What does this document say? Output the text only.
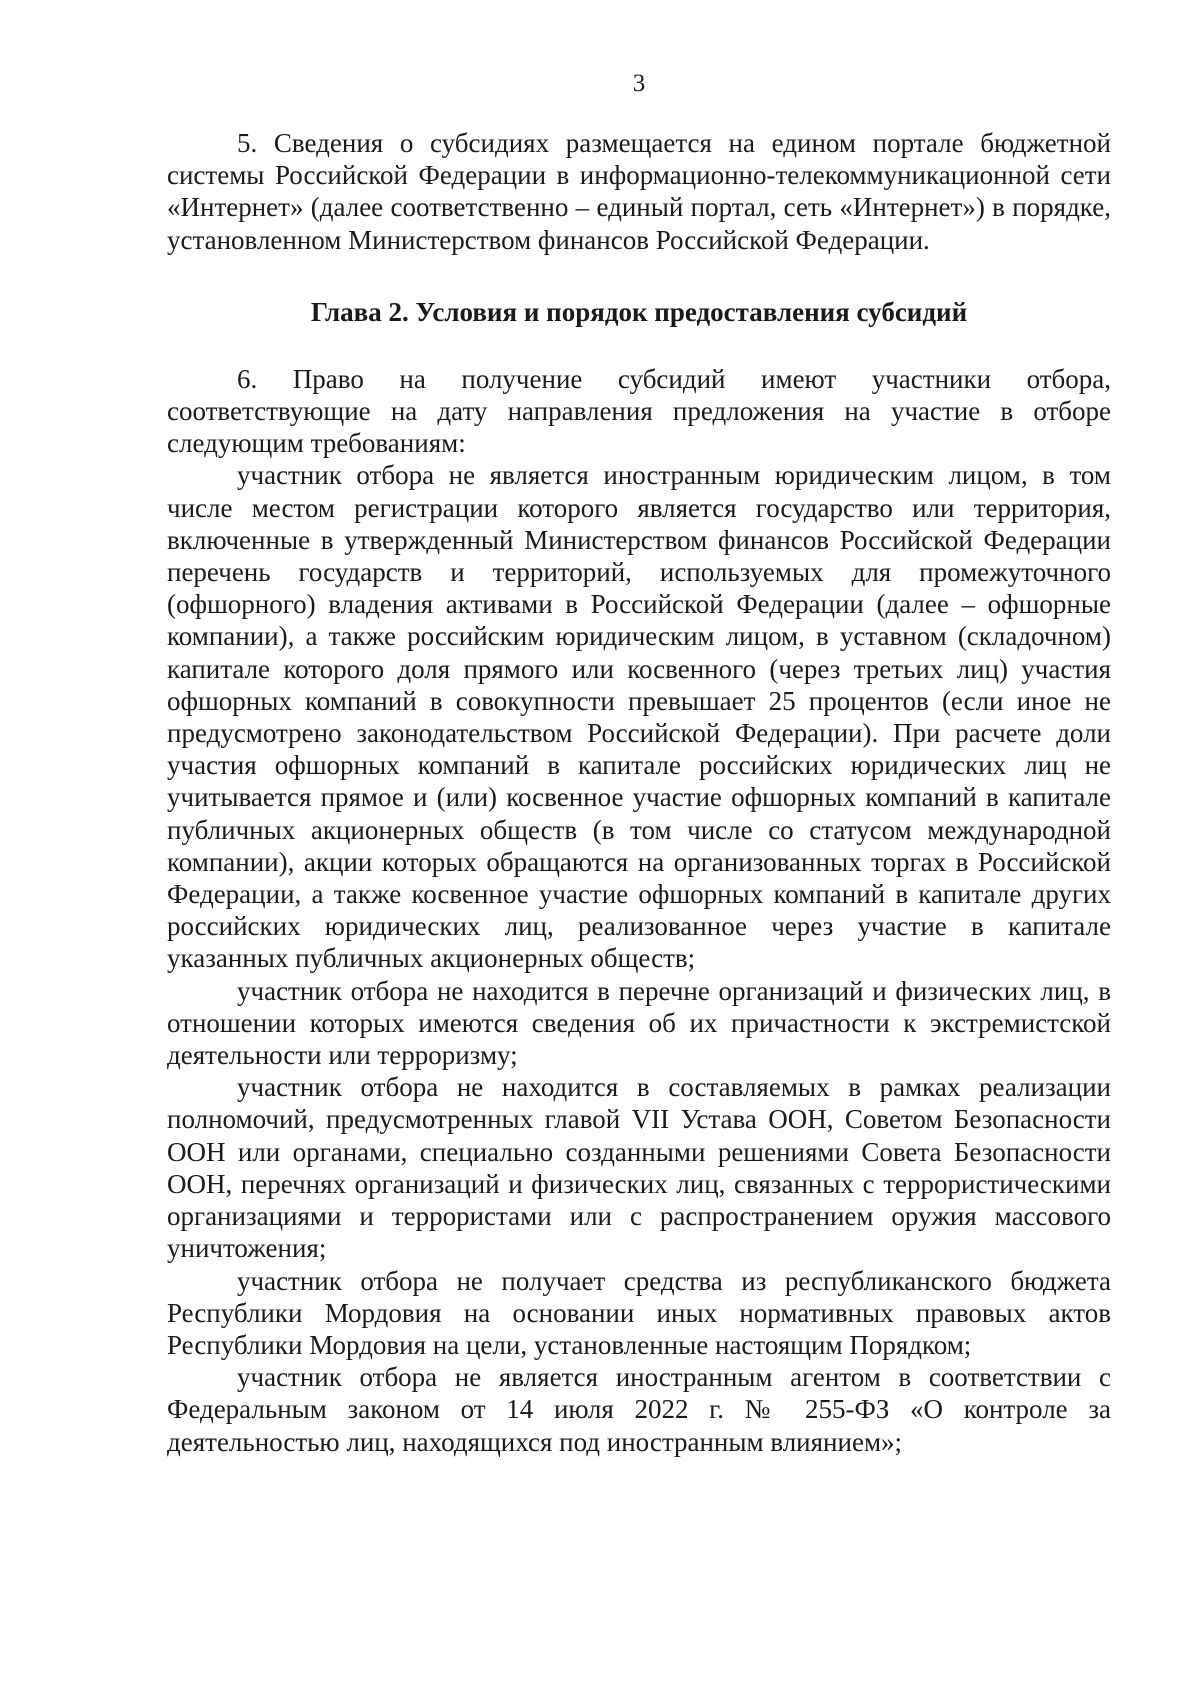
3

5. Сведения о субсидиях размещается на едином портале бюджетной системы Российской Федерации в информационно-телекоммуникационной сети «Интернет» (далее соответственно – единый портал, сеть «Интернет») в порядке, установленном Министерством финансов Российской Федерации.

Глава 2. Условия и порядок предоставления субсидий

6. Право на получение субсидий имеют участники отбора, соответствующие на дату направления предложения на участие в отборе следующим требованиям:

участник отбора не является иностранным юридическим лицом, в том числе местом регистрации которого является государство или территория, включенные в утвержденный Министерством финансов Российской Федерации перечень государств и территорий, используемых для промежуточного (офшорного) владения активами в Российской Федерации (далее – офшорные компании), а также российским юридическим лицом, в уставном (складочном) капитале которого доля прямого или косвенного (через третьих лиц) участия офшорных компаний в совокупности превышает 25 процентов (если иное не предусмотрено законодательством Российской Федерации). При расчете доли участия офшорных компаний в капитале российских юридических лиц не учитывается прямое и (или) косвенное участие офшорных компаний в капитале публичных акционерных обществ (в том числе со статусом международной компании), акции которых обращаются на организованных торгах в Российской Федерации, а также косвенное участие офшорных компаний в капитале других российских юридических лиц, реализованное через участие в капитале указанных публичных акционерных обществ;

участник отбора не находится в перечне организаций и физических лиц, в отношении которых имеются сведения об их причастности к экстремистской деятельности или терроризму;

участник отбора не находится в составляемых в рамках реализации полномочий, предусмотренных главой VII Устава ООН, Советом Безопасности ООН или органами, специально созданными решениями Совета Безопасности ООН, перечнях организаций и физических лиц, связанных с террористическими организациями и террористами или с распространением оружия массового уничтожения;

участник отбора не получает средства из республиканского бюджета Республики Мордовия на основании иных нормативных правовых актов Республики Мордовия на цели, установленные настоящим Порядком;

участник отбора не является иностранным агентом в соответствии с Федеральным законом от 14 июля 2022 г. № 255-ФЗ «О контроле за деятельностью лиц, находящихся под иностранным влиянием»;
